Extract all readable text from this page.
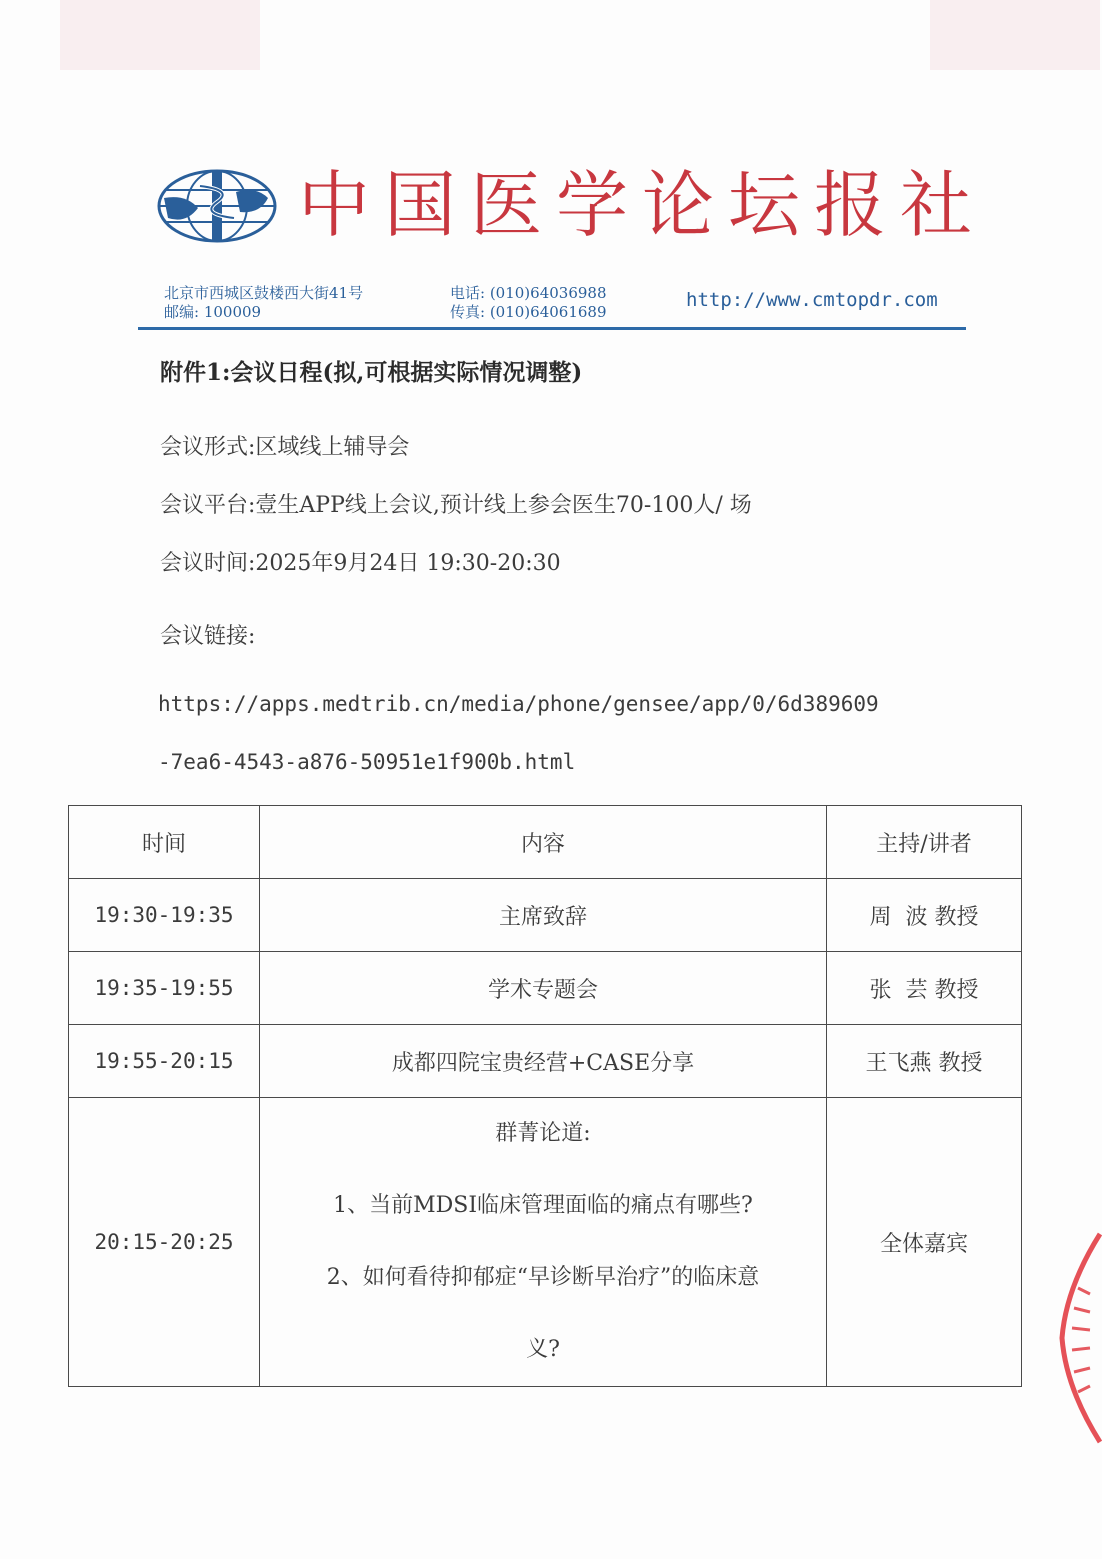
中国医学论坛报社
北京市西城区鼓楼西大街41号
邮编: 100009
电话: (010)64036988
传真: (010)64061689
http://www.cmtopdr.com
附件1:会议日程(拟,可根据实际情况调整)
会议形式:区域线上辅导会
会议平台:壹生APP线上会议,预计线上参会医生70-100人/ 场
会议时间:2025年9月24日 19:30-20:30
会议链接:
https://apps.medtrib.cn/media/phone/gensee/app/0/6d389609
-7ea6-4543-a876-50951e1f900b.html
时间	内容	主持/讲者
19:30-19:35	主席致辞	周  波 教授
19:35-19:55	学术专题会	张  芸 教授
19:55-20:15	成都四院宝贵经营+CASE分享	王飞燕 教授
20:15-20:25	群菁论道:

1、当前MDSI临床管理面临的痛点有哪些?

2、如何看待抑郁症“早诊断早治疗”的临床意

义?	全体嘉宾
